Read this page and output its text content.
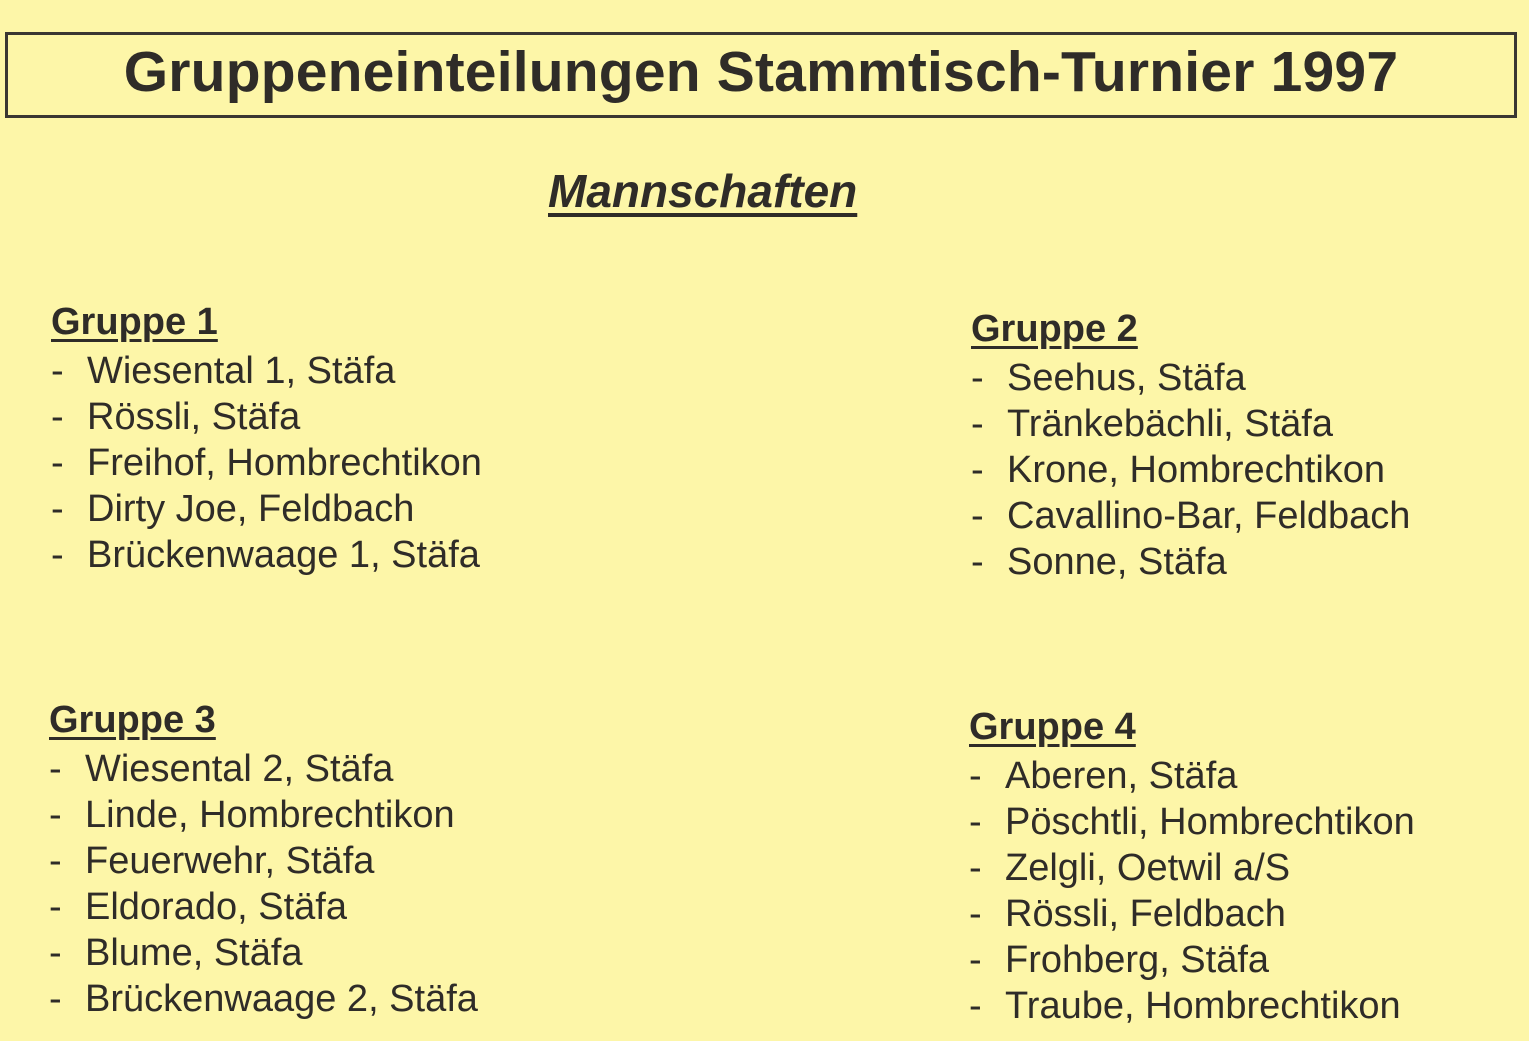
Gruppeneinteilungen Stammtisch-Turnier 1997

Mannschaften

Gruppe 1
- Wiesental 1, Stäfa
- Rössli, Stäfa
- Freihof, Hombrechtikon
- Dirty Joe, Feldbach
- Brückenwaage 1, Stäfa
Gruppe 2
- Seehus, Stäfa
- Tränkebächli, Stäfa
- Krone, Hombrechtikon
- Cavallino-Bar, Feldbach
- Sonne, Stäfa
Gruppe 3
- Wiesental 2, Stäfa
- Linde, Hombrechtikon
- Feuerwehr, Stäfa
- Eldorado, Stäfa
- Blume, Stäfa
- Brückenwaage 2, Stäfa
Gruppe 4
- Aberen, Stäfa
- Pöschtli, Hombrechtikon
- Zelgli, Oetwil a/S
- Rössli, Feldbach
- Frohberg, Stäfa
- Traube, Hombrechtikon
